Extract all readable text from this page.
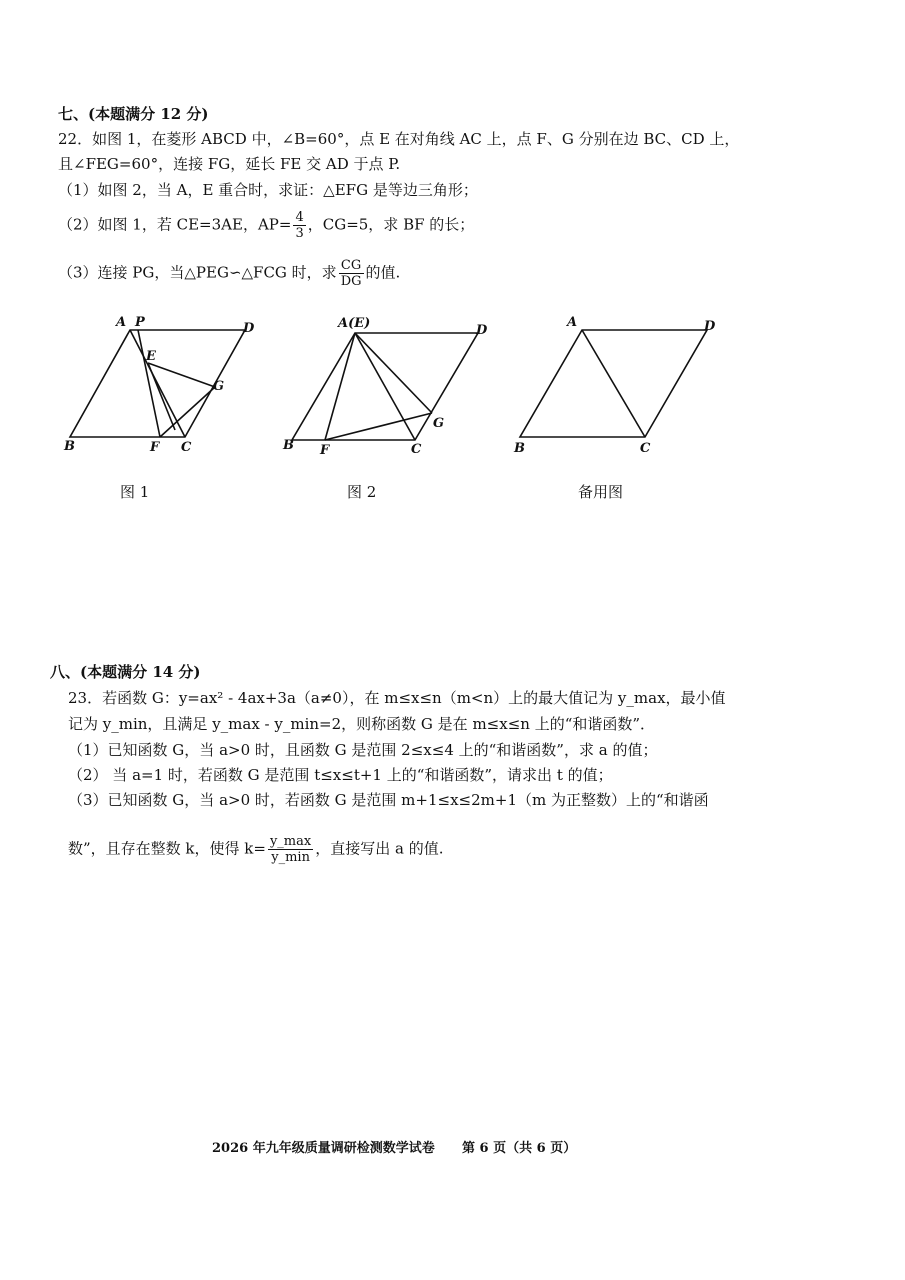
七、(本题满分 12 分)
22．如图 1，在菱形 ABCD 中，∠B=60°，点 E 在对角线 AC 上，点 F、G 分别在边 BC、CD 上，
且∠FEG=60°，连接 FG，延长 FE 交 AD 于点 P.
（1）如图 2，当 A，E 重合时，求证：△EFG 是等边三角形；
（2）如图 1，若 CE=3AE，$AP= \frac{4}{3}$ ，CG=5，求 BF 的长；
（3）连接 PG，当△PEG∽△FCG 时，求 $\frac{CG}{DG}$ 的值.
A P	D
E
G
B	F C
A(E)	D
G
B F	C
A	D
B	C
图 1	图 2	备用图
八、(本题满分 14 分)
23．若函数 G：y=ax² - 4ax+3a（a≠0），在 m≤x≤n（m<n）上的最大值记为 y_max，最小值
记为 y_min，且满足 y_max - y_min=2，则称函数 G 是在 m≤x≤n 上的“和谐函数”．
（1）已知函数 G，当 a>0 时，且函数 G 是范围 2≤x≤4 上的“和谐函数”，求 a 的值；
（2） 当 a=1 时，若函数 G 是范围 t≤x≤t+1 上的“和谐函数”，请求出 t 的值；
（3）已知函数 G，当 a>0 时，若函数 G 是范围 m+1≤x≤2m+1（m 为正整数）上的“和谐函
数”，且存在整数 k，使得 $k= \frac{y\_\max}{y\_\min}$ ，直接写出 a 的值.
2026 年九年级质量调研检测数学试卷 第 6 页（共 6 页）
